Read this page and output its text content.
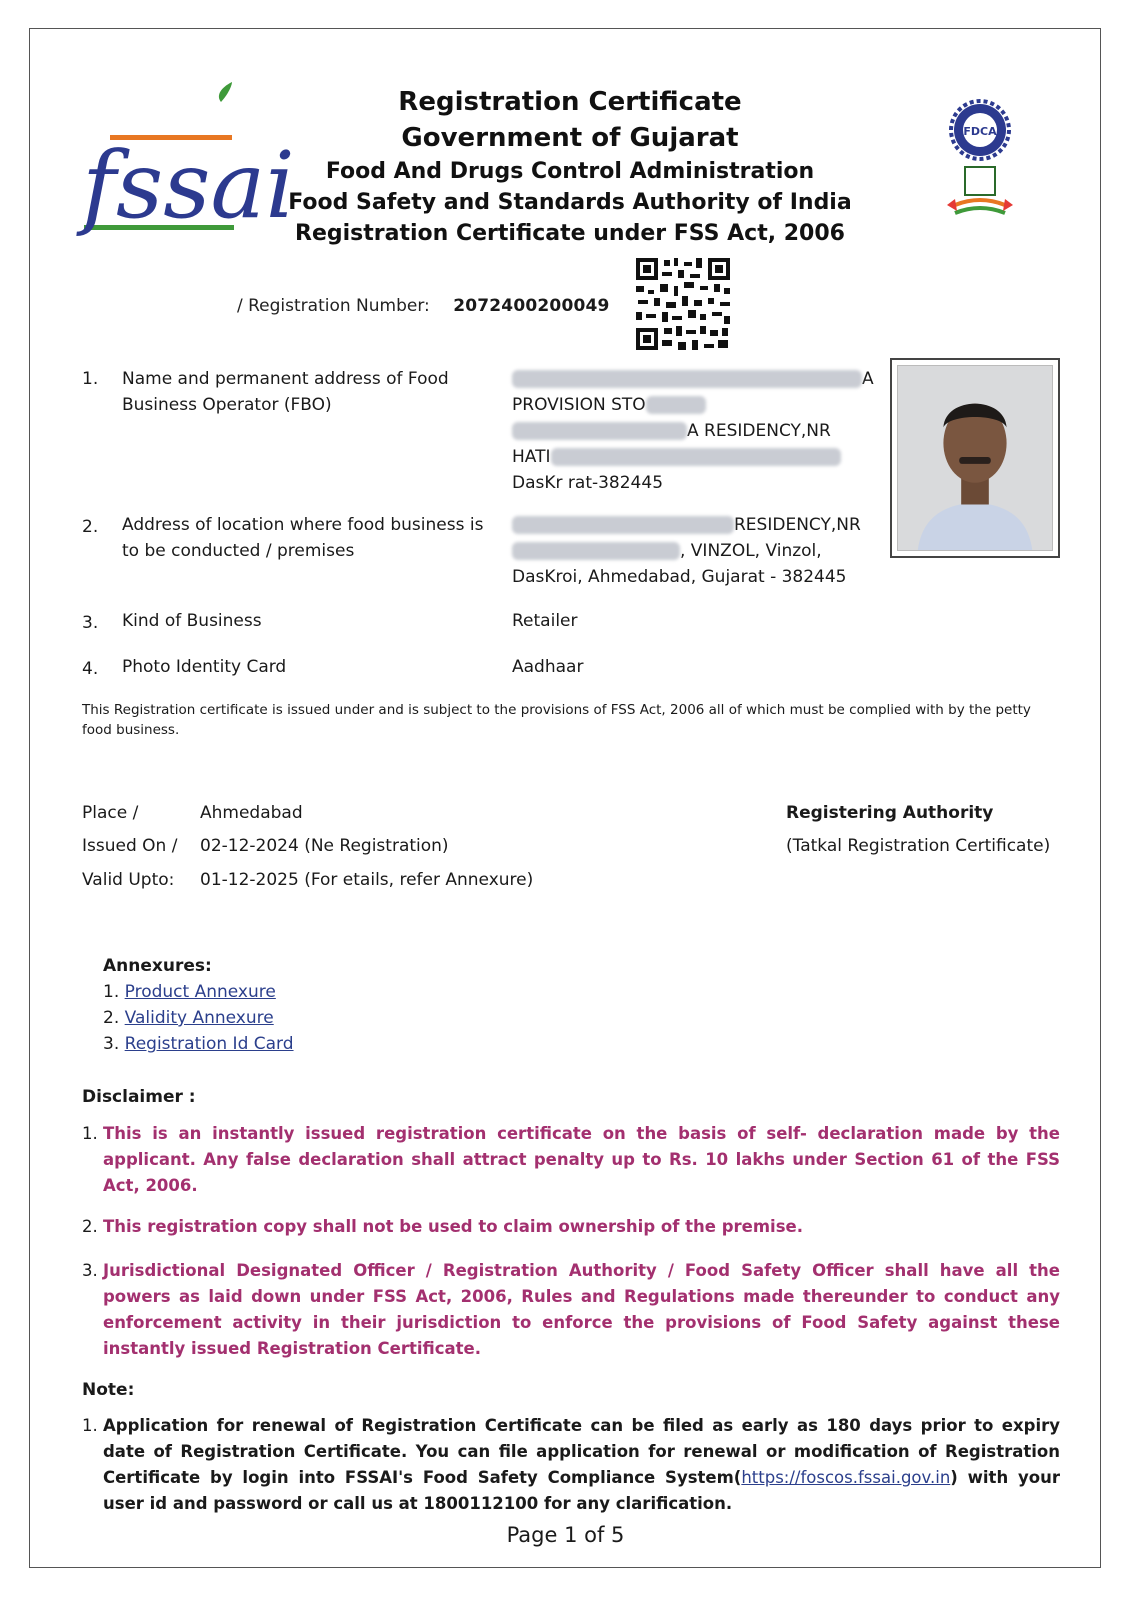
fssai
FDCA
Registration Certificate
Government of Gujarat
Food And Drugs Control Administration
Food Safety and Standards Authority of India
Registration Certificate under FSS Act, 2006
/ Registration Number: 2072400200049
1.	Name and permanent address of Food Business Operator (FBO)
A
PROVISION STO
A RESIDENCY,NR
HATI
DasKr rat-382445
2.	Address of location where food business is to be conducted / premises
RESIDENCY,NR
, VINZOL, Vinzol,
DasKroi, Ahmedabad, Gujarat - 382445
3.	Kind of Business	Retailer
4.	Photo Identity Card	Aadhaar
This Registration certificate is issued under and is subject to the provisions of FSS Act, 2006 all of which must be complied with by the petty food business.
Place /	Ahmedabad
Issued On /	02-12-2024 (Ne Registration)
Valid Upto:	01-12-2025 (For etails, refer Annexure)
Registering Authority
(Tatkal Registration Certificate)
Annexures:
1. Product Annexure
2. Validity Annexure
3. Registration Id Card
Disclaimer :
1. This is an instantly issued registration certificate on the basis of self- declaration made by the applicant. Any false declaration shall attract penalty up to Rs. 10 lakhs under Section 61 of the FSS Act, 2006.
2. This registration copy shall not be used to claim ownership of the premise.
3. Jurisdictional Designated Officer / Registration Authority / Food Safety Officer shall have all the powers as laid down under FSS Act, 2006, Rules and Regulations made thereunder to conduct any enforcement activity in their jurisdiction to enforce the provisions of Food Safety against these instantly issued Registration Certificate.
Note:
1. Application for renewal of Registration Certificate can be filed as early as 180 days prior to expiry date of Registration Certificate. You can file application for renewal or modification of Registration Certificate by login into FSSAI's Food Safety Compliance System(https://foscos.fssai.gov.in) with your user id and password or call us at 1800112100 for any clarification.
Page 1 of 5
